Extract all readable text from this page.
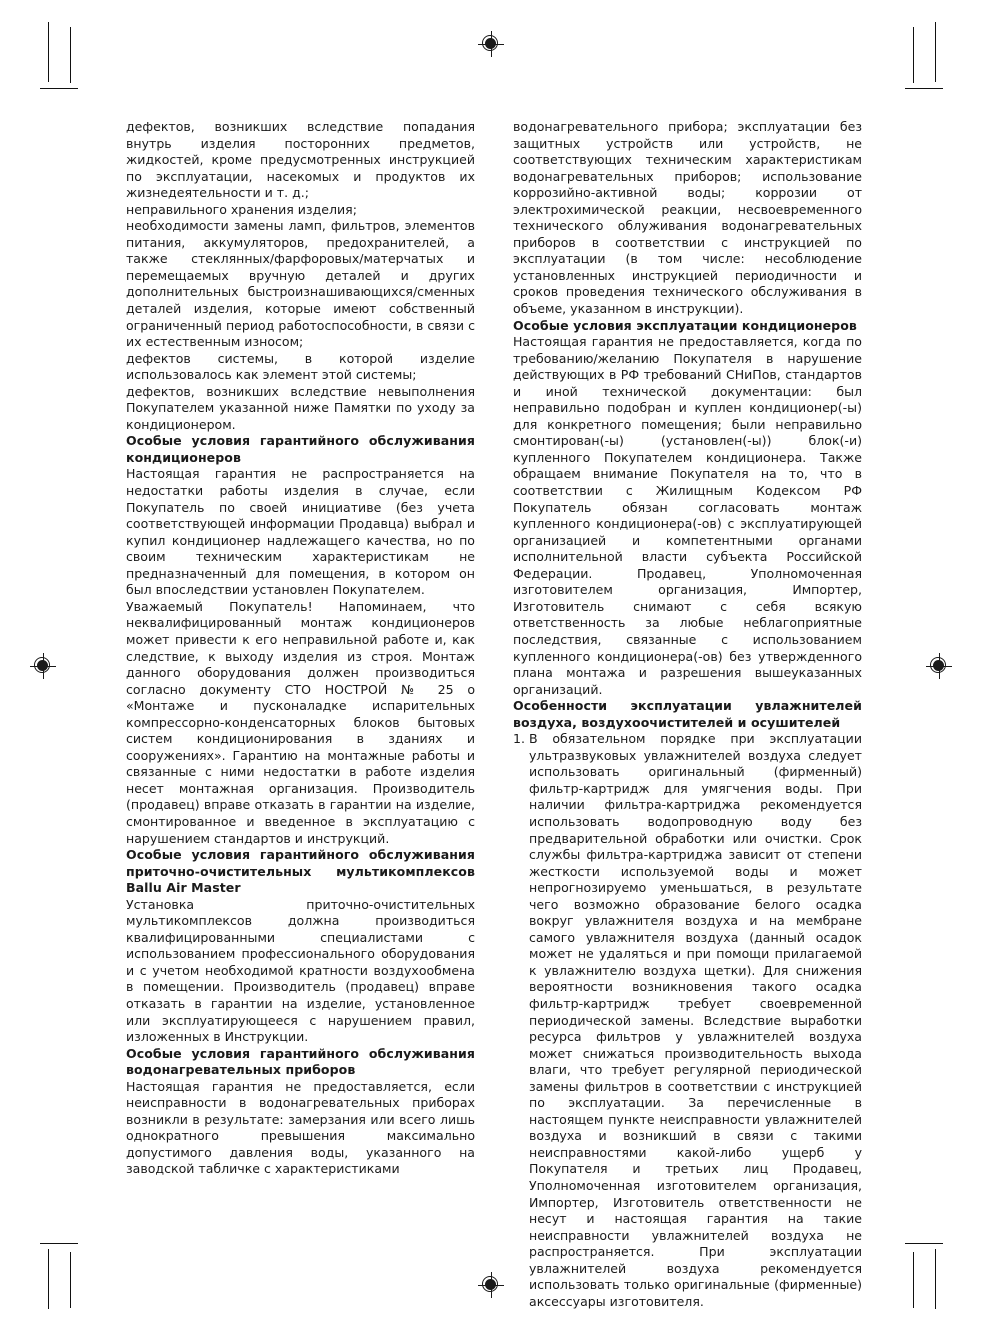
дефектов, возникших вследствие попадания внутрь изделия посторонних предметов, жидкостей, кроме предусмотренных инструкцией по эксплуатации, насекомых и продуктов их жизнедеятельности и т. д.;

неправильного хранения изделия;

необходимости замены ламп, фильтров, элементов питания, аккумуляторов, предохранителей, а также стеклянных/фарфоровых/матерчатых и перемещаемых вручную деталей и других дополнительных быстроизнашивающихся/сменных деталей изделия, которые имеют собственный ограниченный период работоспособности, в связи с их естественным износом;

дефектов системы, в которой изделие использовалось как элемент этой системы;

дефектов, возникших вследствие невыполнения Покупателем указанной ниже Памятки по уходу за кондиционером.

Особые условия гарантийного обслуживания кондиционеров

Настоящая гарантия не распространяется на недостатки работы изделия в случае, если Покупатель по своей инициативе (без учета соответствующей информации Продавца) выбрал и купил кондиционер надлежащего качества, но по своим техническим характеристикам не предназначенный для помещения, в котором он был впоследствии установлен Покупателем.

Уважаемый Покупатель! Напоминаем, что неквалифицированный монтаж кондиционеров может привести к его неправильной работе и, как следствие, к выходу изделия из строя. Монтаж данного оборудования должен производиться согласно документу СТО НОСТРОЙ № 25 о «Монтаже и пусконаладке испарительных компрессорно-конденсаторных блоков бытовых систем кондиционирования в зданиях и сооружениях». Гарантию на монтажные работы и связанные с ними недостатки в работе изделия несет монтажная организация. Производитель (продавец) вправе отказать в гарантии на изделие, смонтированное и введенное в эксплуатацию с нарушением стандартов и инструкций.

Особые условия гарантийного обслуживания приточно-очистительных мультикомплексов Ballu Air Master

Установка приточно-очистительных мультикомплексов должна производиться квалифицированными специалистами с использованием профессионального оборудования и с учетом необходимой кратности воздухообмена в помещении. Производитель (продавец) вправе отказать в гарантии на изделие, установленное или эксплуатирующееся с нарушением правил, изложенных в Инструкции.

Особые условия гарантийного обслуживания водонагревательных приборов

Настоящая гарантия не предоставляется, если неисправности в водонагревательных приборах возникли в результате: замерзания или всего лишь однократного превышения максимально допустимого давления воды, указанного на заводской табличке с характеристиками

водонагревательного прибора; эксплуатации без защитных устройств или устройств, не соответствующих техническим характеристикам водонагревательных приборов; использование коррозийно-активной воды; коррозии от электрохимической реакции, несвоевременного технического облуживания водонагревательных приборов в соответствии с инструкцией по эксплуатации (в том числе: несоблюдение установленных инструкцией периодичности и сроков проведения технического обслуживания в объеме, указанном в инструкции).

Особые условия эксплуатации кондиционеров

Настоящая гарантия не предоставляется, когда по требованию/желанию Покупателя в нарушение действующих в РФ требований СНиПов, стандартов и иной технической документации: был неправильно подобран и куплен кондиционер(-ы) для конкретного помещения; были неправильно смонтирован(-ы) (установлен(-ы)) блок(-и) купленного Покупателем кондиционера. Также обращаем внимание Покупателя на то, что в соответствии с Жилищным Кодексом РФ Покупатель обязан согласовать монтаж купленного кондиционера(-ов) с эксплуатирующей организацией и компетентными органами исполнительной власти субъекта Российской Федерации. Продавец, Уполномоченная изготовителем организация, Импортер, Изготовитель снимают с себя всякую ответственность за любые неблагоприятные последствия, связанные с использованием купленного кондиционера(-ов) без утвержденного плана монтажа и разрешения вышеуказанных организаций.

Особенности эксплуатации увлажнителей воздуха, воздухоочистителей и осушителей

В обязательном порядке при эксплуатации ультразвуковых увлажнителей воздуха следует использовать оригинальный (фирменный) фильтр-картридж для умягчения воды. При наличии фильтра-картриджа рекомендуется использовать водопроводную воду без предварительной обработки или очистки. Срок службы фильтра-картриджа зависит от степени жесткости используемой воды и может непрогнозируемо уменьшаться, в результате чего возможно образование белого осадка вокруг увлажнителя воздуха и на мембране самого увлажнителя воздуха (данный осадок может не удаляться и при помощи прилагаемой к увлажнителю воздуха щетки). Для снижения вероятности возникновения такого осадка фильтр-картридж требует своевременной периодической замены. Вследствие выработки ресурса фильтров у увлажнителей воздуха может снижаться производительность выхода влаги, что требует регулярной периодической замены фильтров в соответствии с инструкцией по эксплуатации. За перечисленные в настоящем пункте неисправности увлажнителей воздуха и возникший в связи с такими неисправностями какой-либо ущерб у Покупателя и третьих лиц Продавец, Уполномоченная изготовителем организация, Импортер, Изготовитель ответственности не несут и настоящая гарантия на такие неисправности увлажнителей воздуха не распространяется. При эксплуатации увлажнителей воздуха рекомендуется использовать только оригинальные (фирменные) аксессуары изготовителя.
